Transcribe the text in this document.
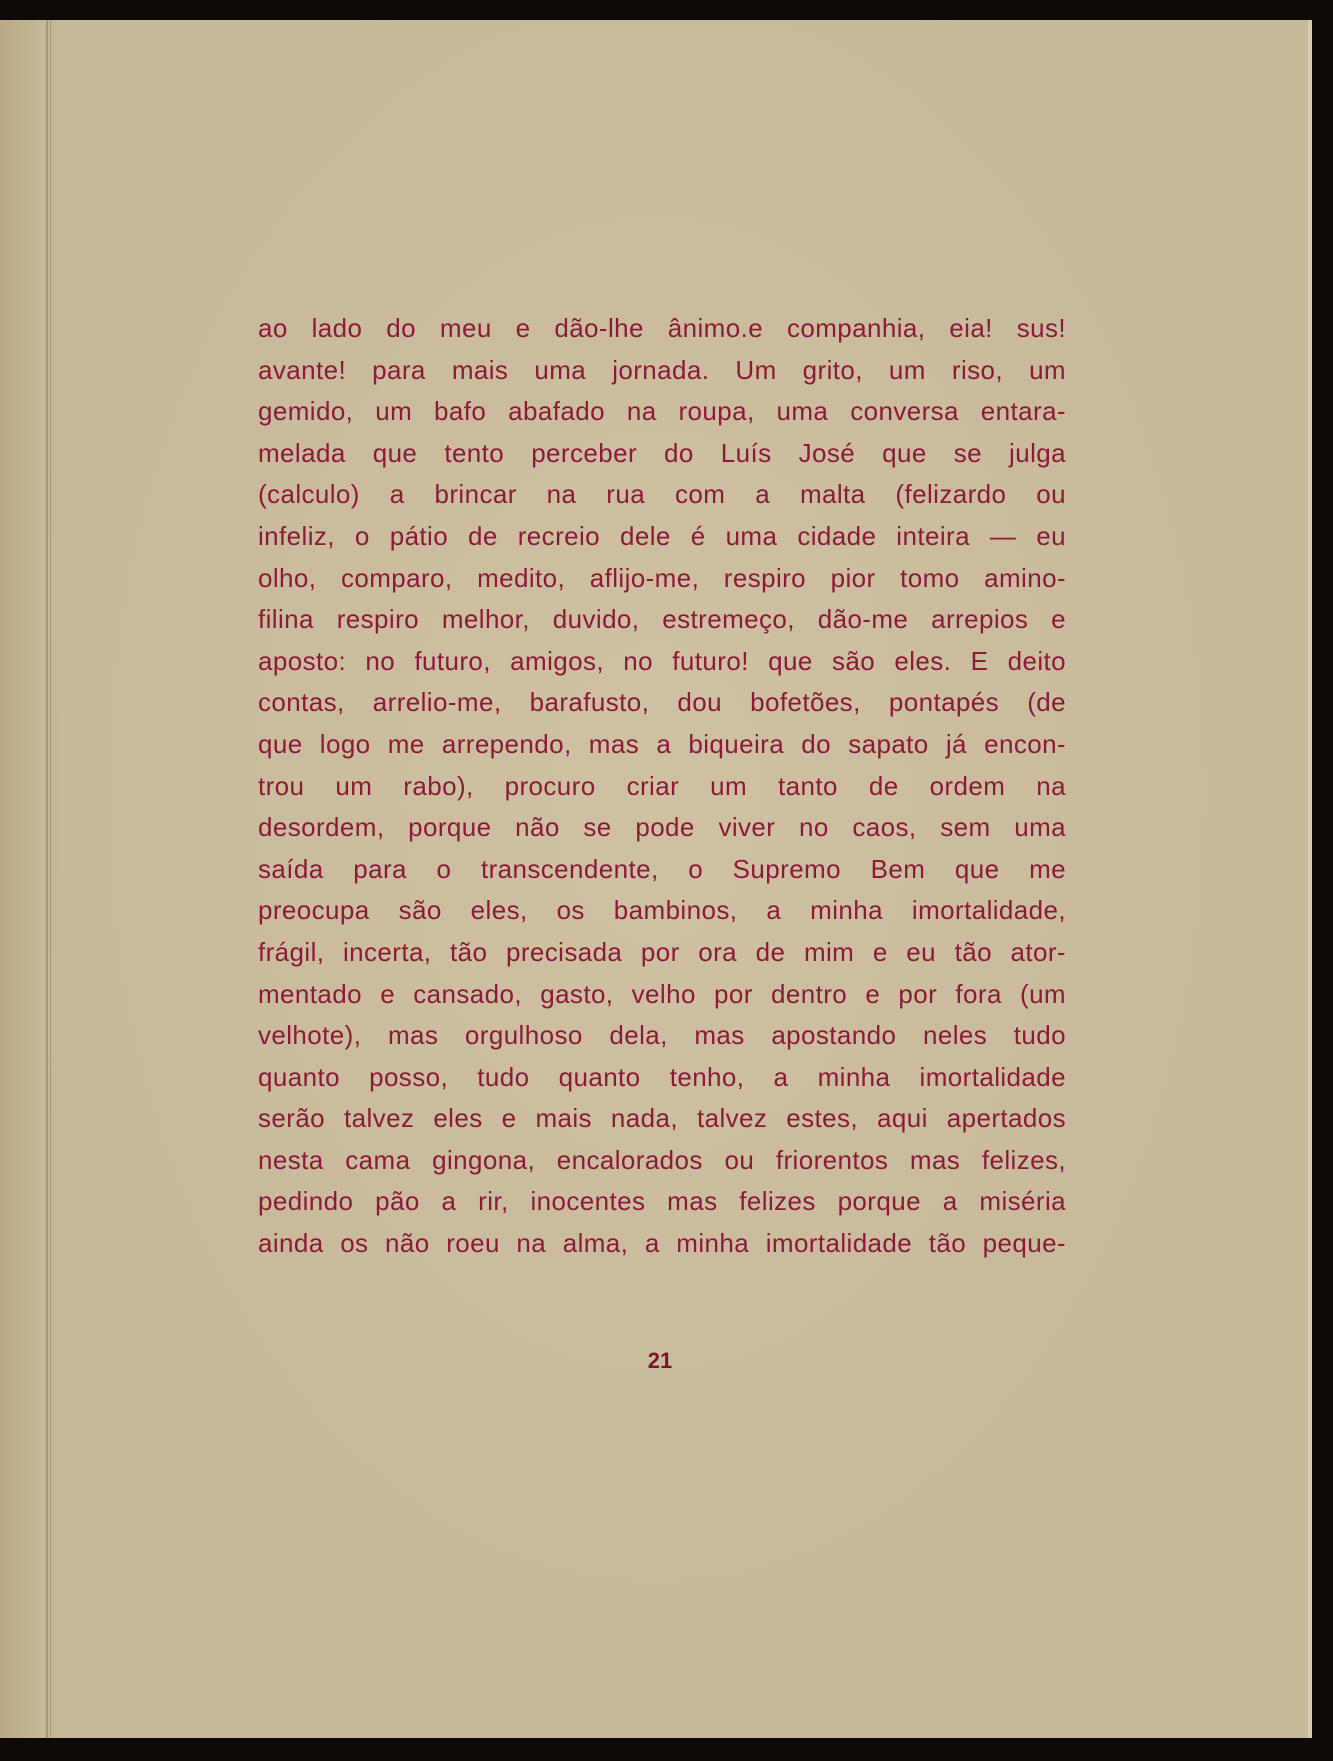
ao lado do meu e dão-lhe ânimo.e companhia, eia! sus!
avante! para mais uma jornada. Um grito, um riso, um
gemido, um bafo abafado na roupa, uma conversa entara-
melada que tento perceber do Luís José que se julga
(calculo) a brincar na rua com a malta (felizardo ou
infeliz, o pátio de recreio dele é uma cidade inteira — eu
olho, comparo, medito, aflijo-me, respiro pior tomo amino-
filina respiro melhor, duvido, estremeço, dão-me arrepios e
aposto: no futuro, amigos, no futuro! que são eles. E deito
contas, arrelio-me, barafusto, dou bofetões, pontapés (de
que logo me arrependo, mas a biqueira do sapato já encon-
trou um rabo), procuro criar um tanto de ordem na
desordem, porque não se pode viver no caos, sem uma
saída para o transcendente, o Supremo Bem que me
preocupa são eles, os bambinos, a minha imortalidade,
frágil, incerta, tão precisada por ora de mim e eu tão ator-
mentado e cansado, gasto, velho por dentro e por fora (um
velhote), mas orgulhoso dela, mas apostando neles tudo
quanto posso, tudo quanto tenho, a minha imortalidade
serão talvez eles e mais nada, talvez estes, aqui apertados
nesta cama gingona, encalorados ou friorentos mas felizes,
pedindo pão a rir, inocentes mas felizes porque a miséria
ainda os não roeu na alma, a minha imortalidade tão peque-
21
